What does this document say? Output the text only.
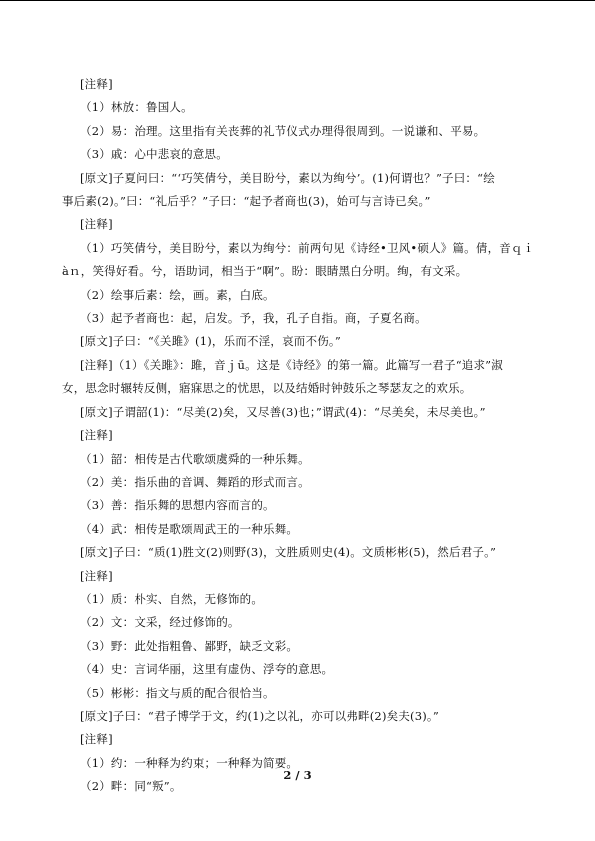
[注释]
（1）林放：鲁国人。
（2）易：治理。这里指有关丧葬的礼节仪式办理得很周到。一说谦和、平易。
（3）戚：心中悲哀的意思。
[原文]子夏问曰：“‘巧笑倩兮，美目盼兮，素以为绚兮’。(1)何谓也？”子曰：“绘
事后素(2)。”曰：“礼后乎？”子曰：“起予者商也(3)，始可与言诗已矣。”
[注释]
（1）巧笑倩兮，美目盼兮，素以为绚兮：前两句见《诗经•卫风•硕人》篇。倩，音ｑｉ
àｎ，笑得好看。兮，语助词，相当于“啊”。盼：眼睛黑白分明。绚，有文采。
（2）绘事后素：绘，画。素，白底。
（3）起予者商也：起，启发。予，我，孔子自指。商，子夏名商。
[原文]子曰：“《关雎》(1)，乐而不淫，哀而不伤。”
[注释]（1）《关雎》：雎，音ｊū。这是《诗经》的第一篇。此篇写一君子“追求”淑
女，思念时辗转反侧，寤寐思之的忧思，以及结婚时钟鼓乐之琴瑟友之的欢乐。
[原文]子谓韶(1)：“尽美(2)矣，又尽善(3)也；”谓武(4)：“尽美矣，未尽美也。”
[注释]
（1）韶：相传是古代歌颂虞舜的一种乐舞。
（2）美：指乐曲的音调、舞蹈的形式而言。
（3）善：指乐舞的思想内容而言的。
（4）武：相传是歌颂周武王的一种乐舞。
[原文]子曰：“质(1)胜文(2)则野(3)，文胜质则史(4)。文质彬彬(5)，然后君子。”
[注释]
（1）质：朴实、自然，无修饰的。
（2）文：文采，经过修饰的。
（3）野：此处指粗鲁、鄙野，缺乏文彩。
（4）史：言词华丽，这里有虚伪、浮夸的意思。
（5）彬彬：指文与质的配合很恰当。
[原文]子曰：“君子博学于文，约(1)之以礼，亦可以弗畔(2)矣夫(3)。”
[注释]
（1）约：一种释为约束；一种释为简要。
（2）畔：同“叛”。
2 / 3
